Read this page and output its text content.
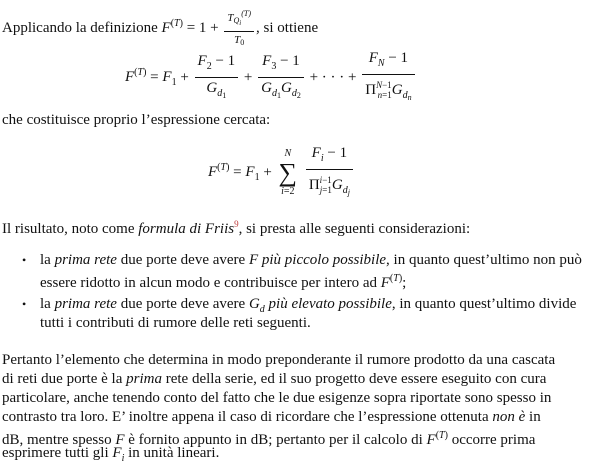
Applicando la definizione $F^{(T)} = 1 + \frac{TQi^{(T)}}{T0}$ , si ottiene
$F^{(T)} = F_1 + \frac{F_2 - 1}{G_{d_1}} + \frac{F_3 - 1}{G_{d_1}G_{d_2}}$ + · · · + $\frac{F_N - 1}{\Pi^{N-1}_{n=1}G_{d_n}}$
che costituisce proprio l’espressione cercata:
$F^{(T)} = F_1$ +
N
∑
i=2
$\frac{F_i - 1}{\Pi^{i-1}_{j=1}G_{d_j}}$
Il risultato, noto come formula di Friis$^9$, si presta alle seguenti considerazioni:
• la prima rete due porte deve avere F più piccolo possibile, in quanto quest’ultimo non può
essere ridotto in alcun modo e contribuisce per intero ad $F^{(T)}$;
• la prima rete due porte deve avere $G_d$ più elevato possibile, in quanto quest’ultimo divide
tutti i contributi di rumore delle reti seguenti.
Pertanto l’elemento che determina in modo preponderante il rumore prodotto da una cascata
di reti due porte è la prima rete della serie, ed il suo progetto deve essere eseguito con cura
particolare, anche tenendo conto del fatto che le due esigenze sopra riportate sono spesso in
contrasto tra loro. E’ inoltre appena il caso di ricordare che l’espressione ottenuta non è in
dB, mentre spesso F è fornito appunto in dB; pertanto per il calcolo di $F^{(T)}$ occorre prima
esprimere tutti gli $F_i$ in unità lineari.
